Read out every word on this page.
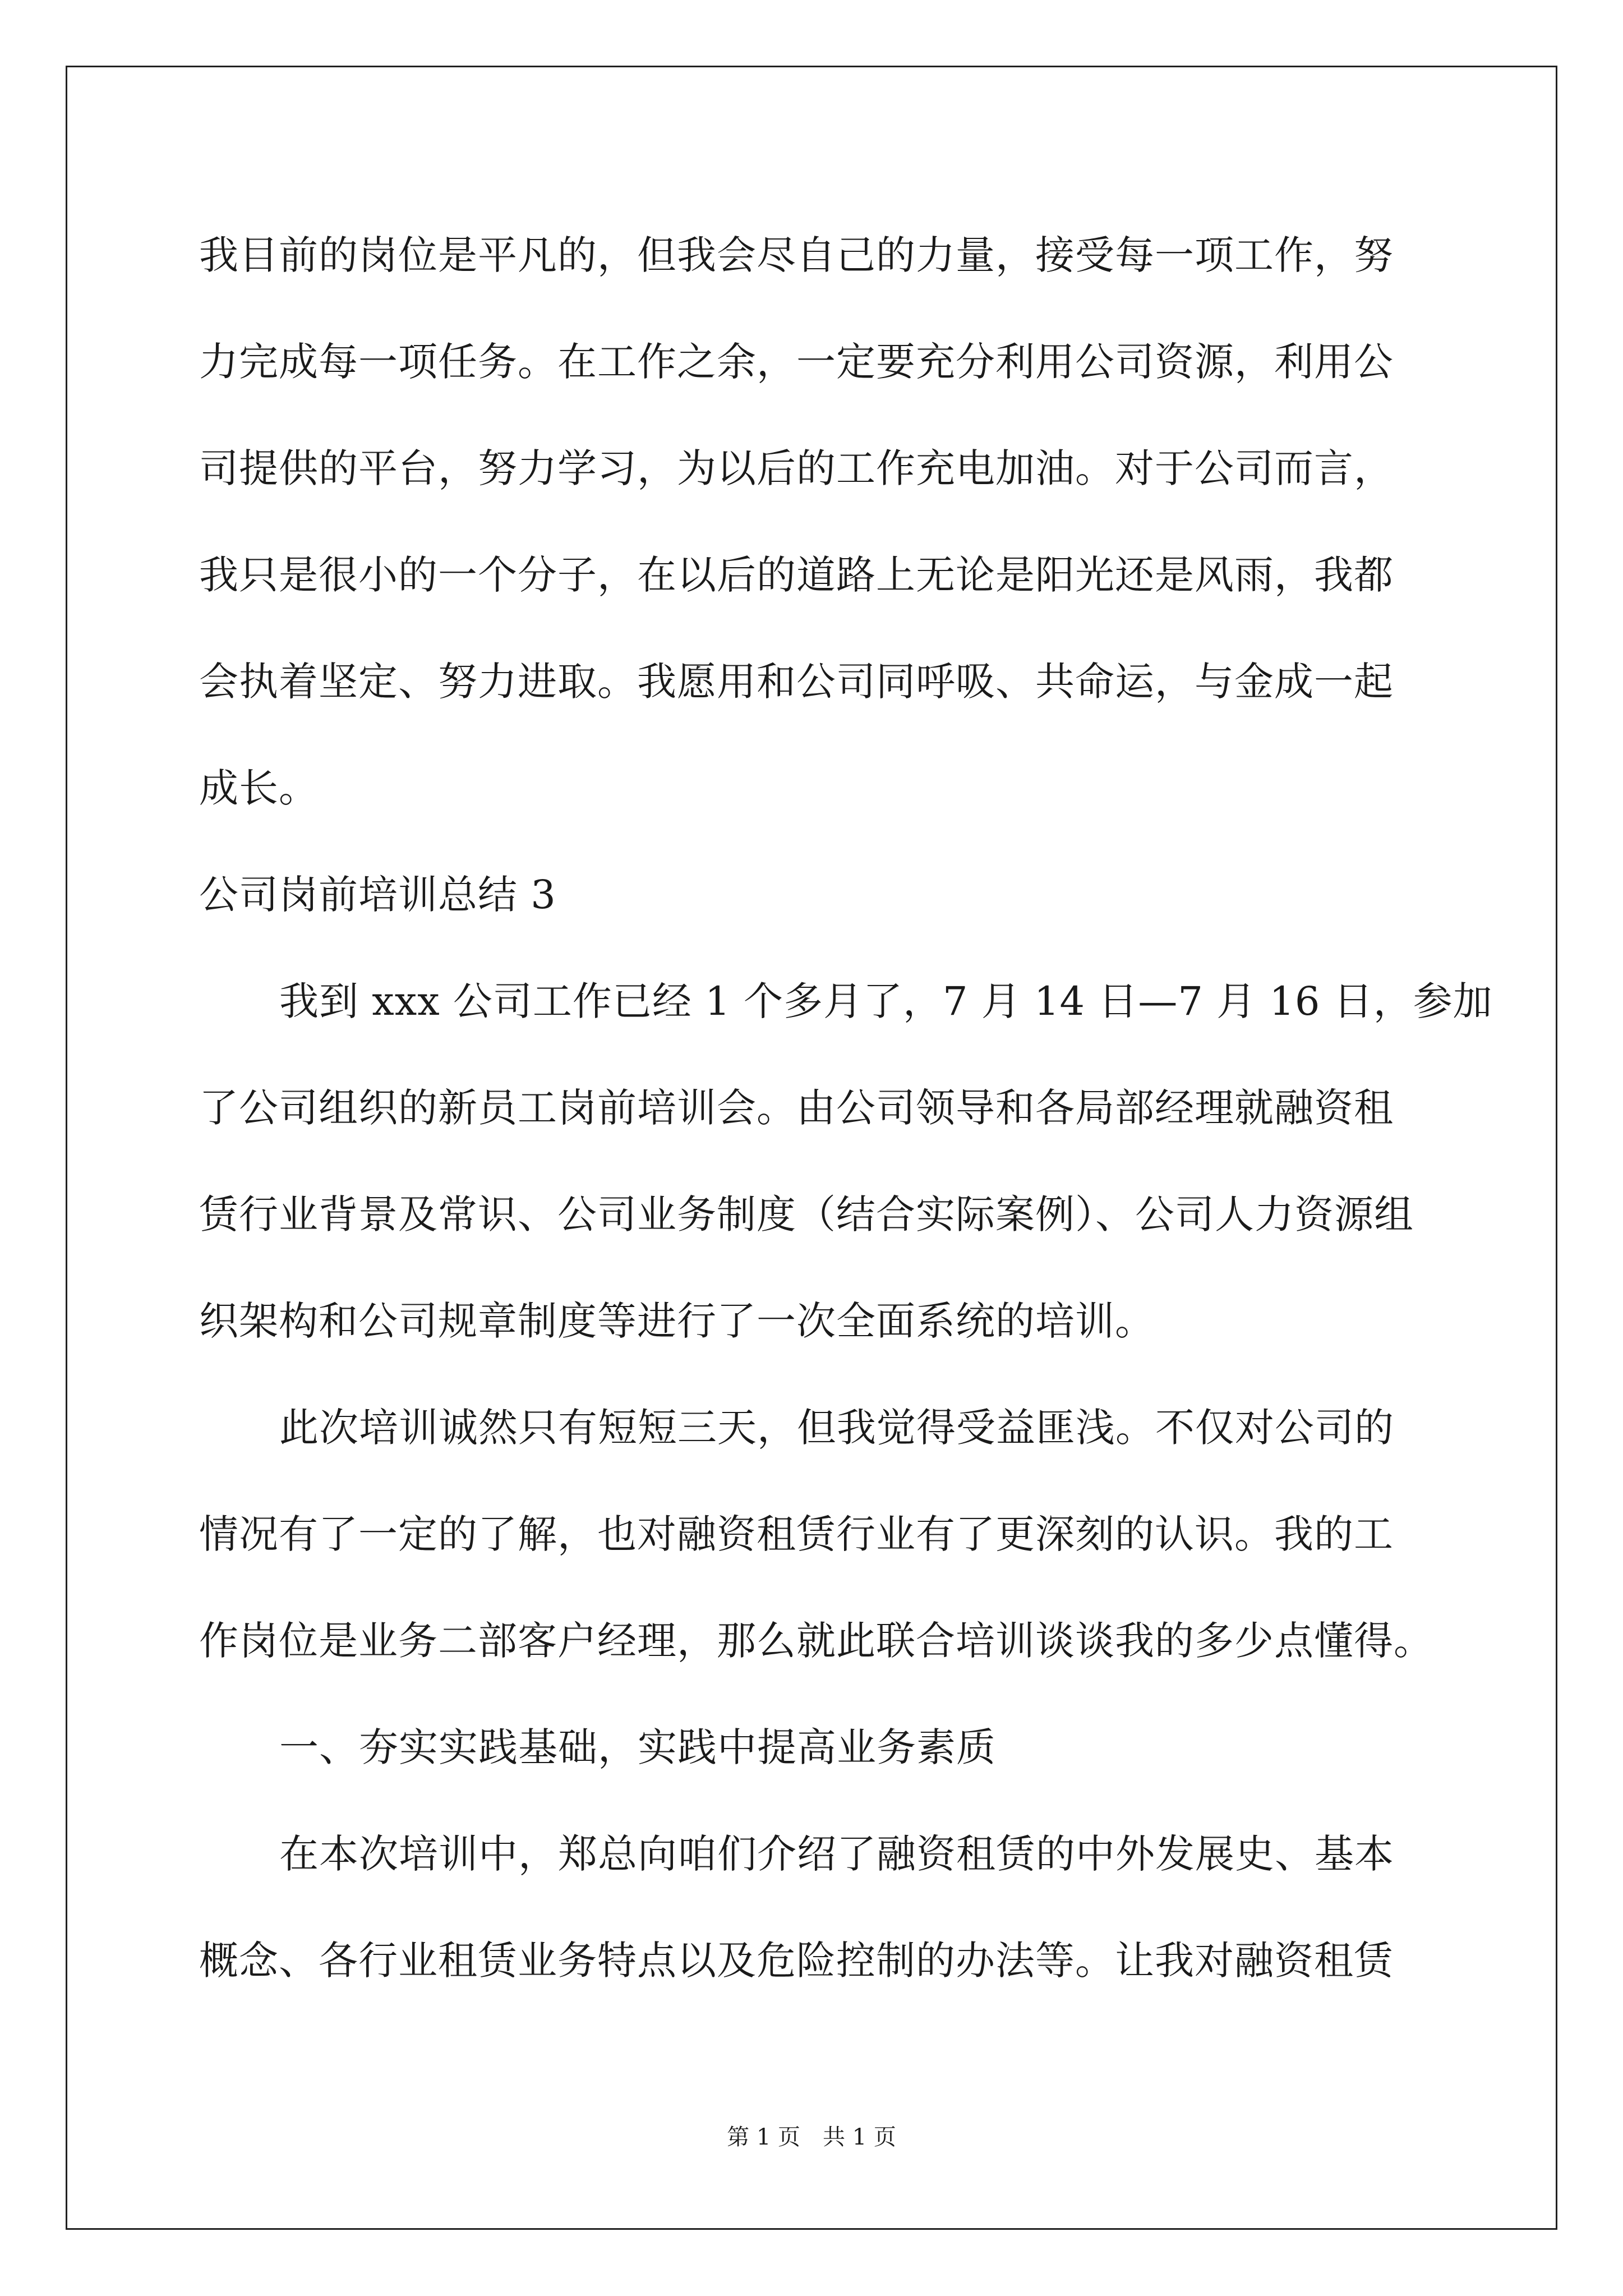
我目前的岗位是平凡的，但我会尽自己的力量，接受每一项工作，努
力完成每一项任务。在工作之余，一定要充分利用公司资源，利用公
司提供的平台，努力学习，为以后的工作充电加油。对于公司而言，
我只是很小的一个分子，在以后的道路上无论是阳光还是风雨，我都
会执着坚定、努力进取。我愿用和公司同呼吸、共命运，与金成一起
成长。
公司岗前培训总结 3
我到 xxx 公司工作已经 1 个多月了，7 月 14 日—7 月 16 日，参加
了公司组织的新员工岗前培训会。由公司领导和各局部经理就融资租
赁行业背景及常识、公司业务制度（结合实际案例）、公司人力资源组
织架构和公司规章制度等进行了一次全面系统的培训。
此次培训诚然只有短短三天，但我觉得受益匪浅。不仅对公司的
情况有了一定的了解，也对融资租赁行业有了更深刻的认识。我的工
作岗位是业务二部客户经理，那么就此联合培训谈谈我的多少点懂得。
一、夯实实践基础，实践中提高业务素质
在本次培训中，郑总向咱们介绍了融资租赁的中外发展史、基本
概念、各行业租赁业务特点以及危险控制的办法等。让我对融资租赁
第 1 页 共 1 页
